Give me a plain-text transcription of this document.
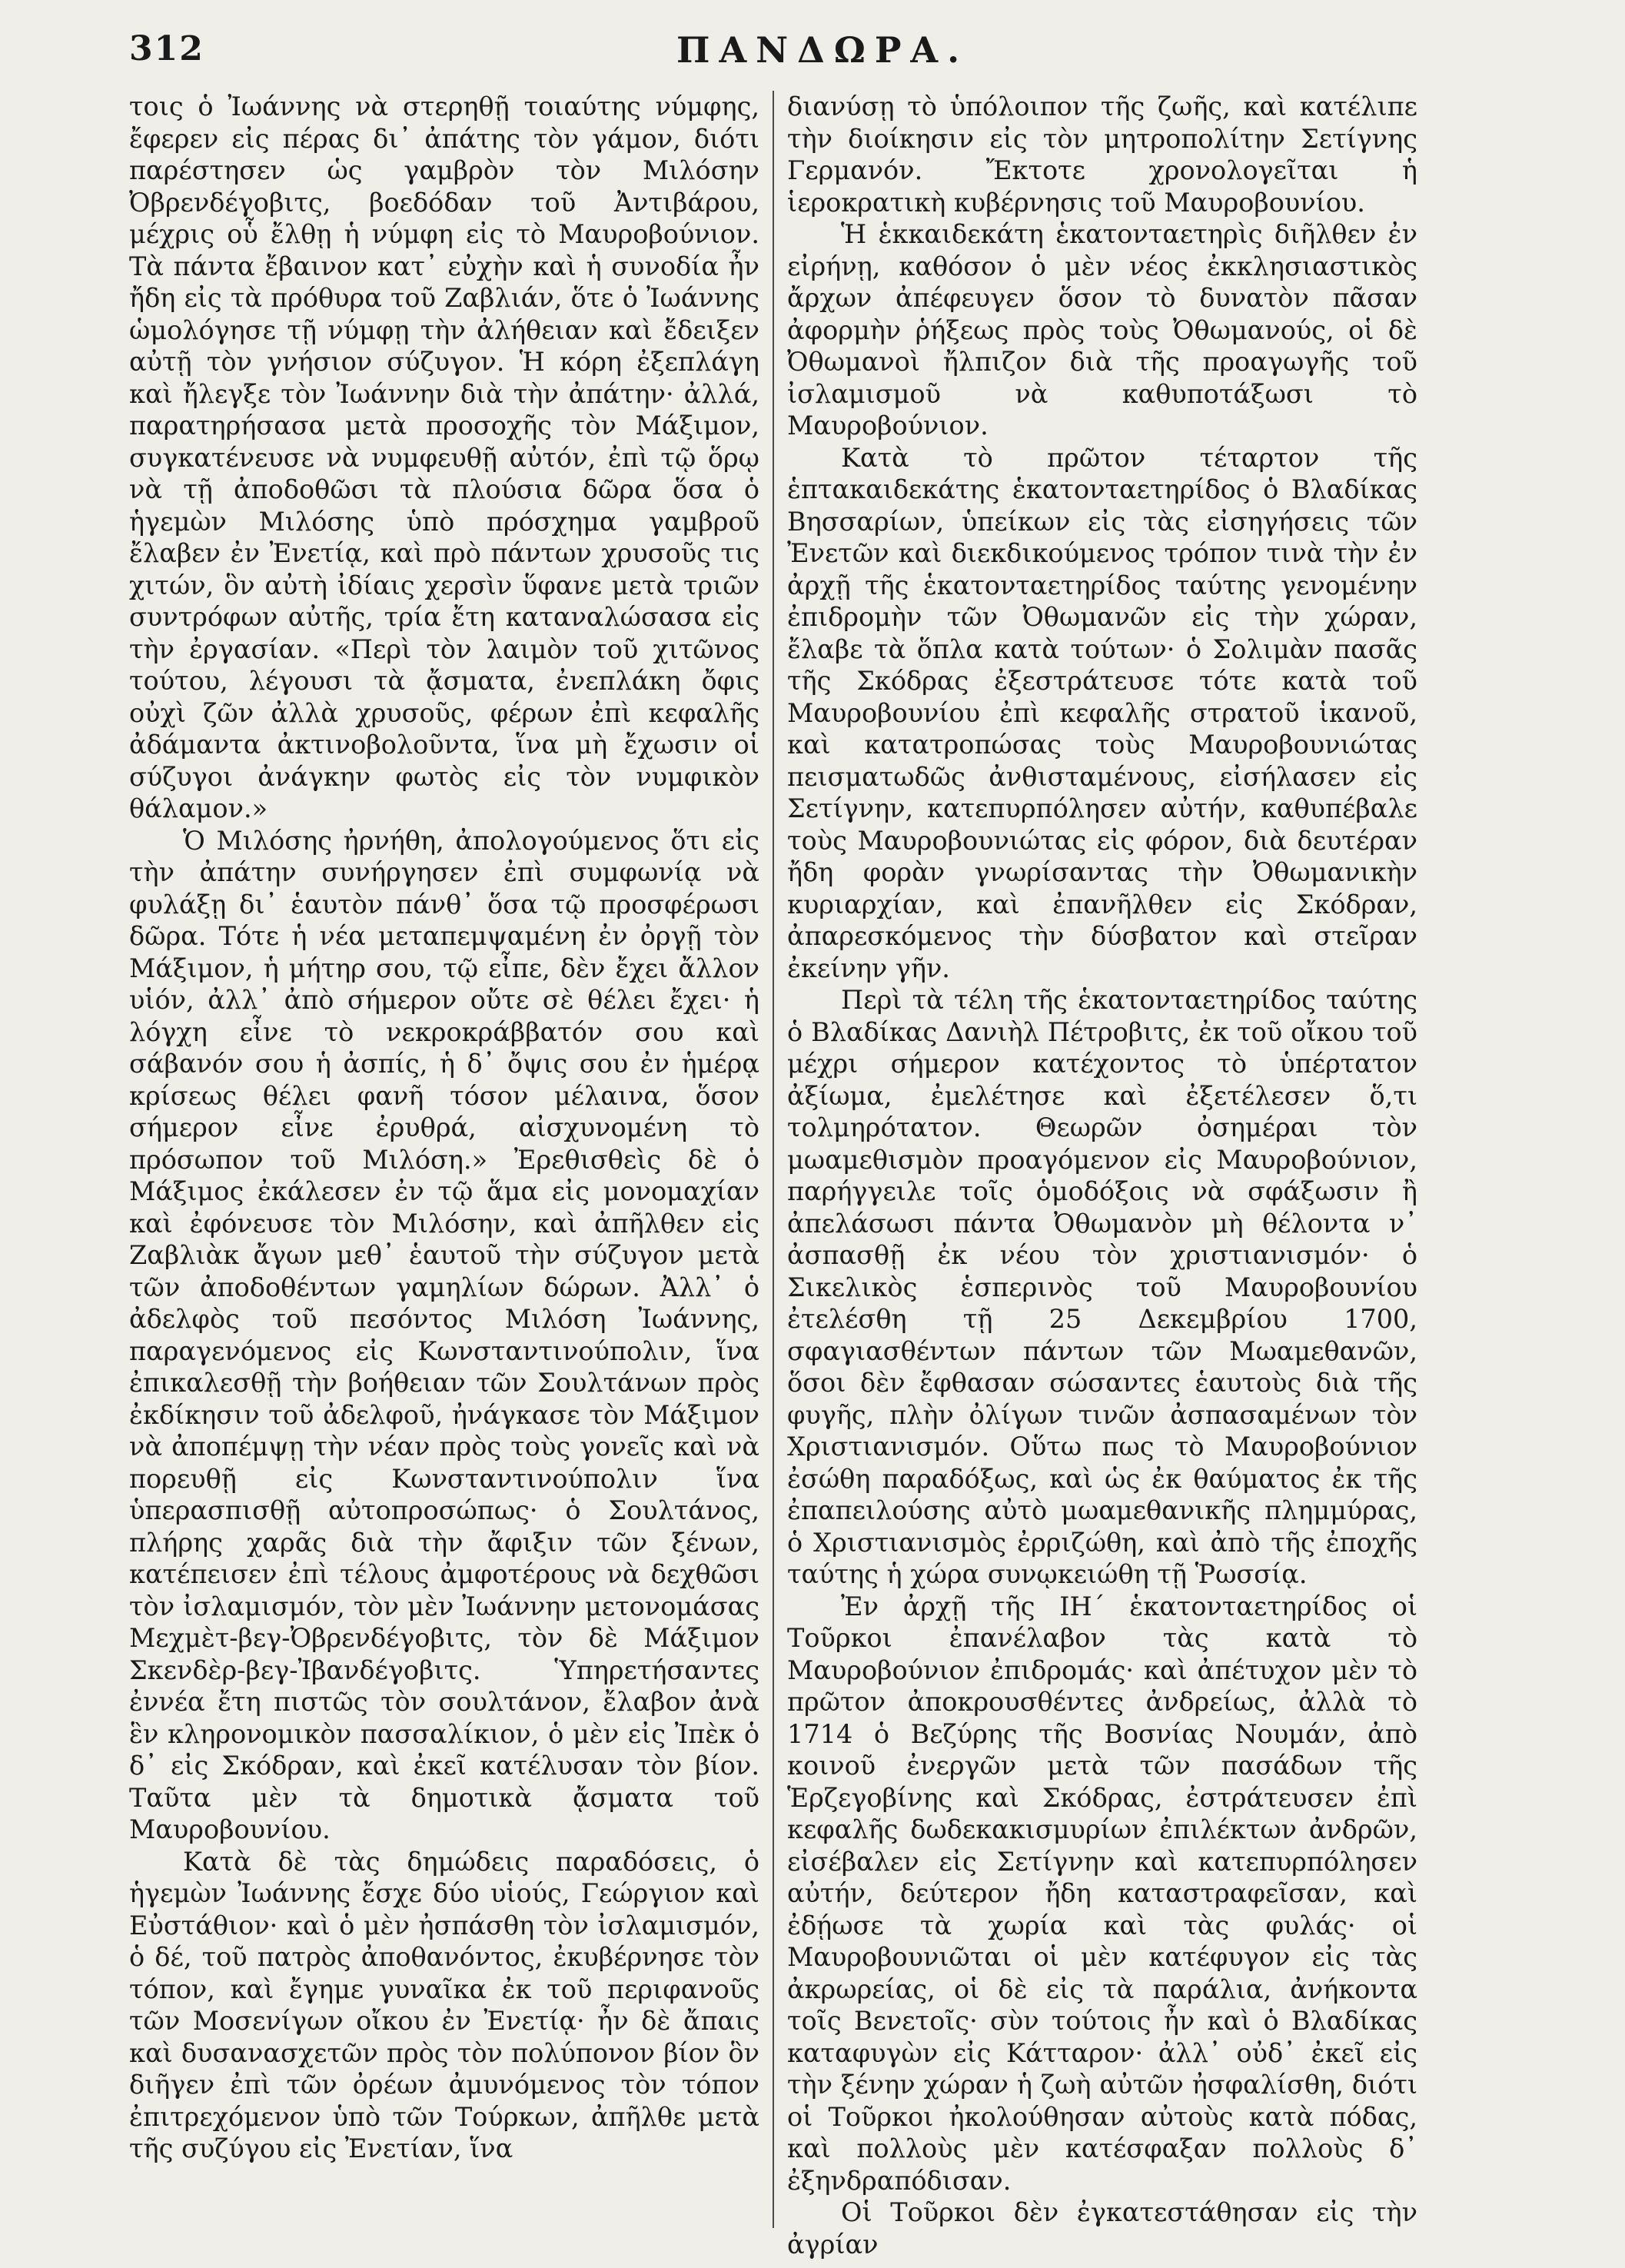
312	ΠΑΝΔΩΡΑ.

τοις ὁ Ἰωάννης νὰ στερηθῇ τοιαύτης νύμφης, ἔφερεν εἰς πέρας δι᾽ ἀπάτης τὸν γάμον, διότι παρέστησεν ὡς γαμβρὸν τὸν Μιλόσην Ὀβρενδέγοβιτς, βοεδόδαν τοῦ Ἀντιβάρου, μέχρις οὗ ἔλθῃ ἡ νύμφη εἰς τὸ Μαυροβούνιον. Τὰ πάντα ἔβαινον κατ᾽ εὐχὴν καὶ ἡ συνοδία ἦν ἤδη εἰς τὰ πρόθυρα τοῦ Ζαβλιάν, ὅτε ὁ Ἰωάννης ὡμολόγησε τῇ νύμφῃ τὴν ἀλήθειαν καὶ ἔδειξεν αὐτῇ τὸν γνήσιον σύζυγον. Ἡ κόρη ἐξεπλάγη καὶ ἤλεγξε τὸν Ἰωάννην διὰ τὴν ἀπάτην· ἀλλά, παρατηρήσασα μετὰ προσοχῆς τὸν Μάξιμον, συγκατένευσε νὰ νυμφευθῇ αὐτόν, ἐπὶ τῷ ὅρῳ νὰ τῇ ἀποδοθῶσι τὰ πλούσια δῶρα ὅσα ὁ ἡγεμὼν Μιλόσης ὑπὸ πρόσχημα γαμβροῦ ἔλαβεν ἐν Ἐνετίᾳ, καὶ πρὸ πάντων χρυσοῦς τις χιτών, ὃν αὐτὴ ἰδίαις χερσὶν ὕφανε μετὰ τριῶν συντρόφων αὐτῆς, τρία ἔτη καταναλώσασα εἰς τὴν ἐργασίαν. «Περὶ τὸν λαιμὸν τοῦ χιτῶνος τούτου, λέγουσι τὰ ᾄσματα, ἐνεπλάκη ὄφις οὐχὶ ζῶν ἀλλὰ χρυσοῦς, φέρων ἐπὶ κεφαλῆς ἀδάμαντα ἀκτινοβολοῦντα, ἵνα μὴ ἔχωσιν οἱ σύζυγοι ἀνάγκην φωτὸς εἰς τὸν νυμφικὸν θάλαμον.»

Ὁ Μιλόσης ἠρνήθη, ἀπολογούμενος ὅτι εἰς τὴν ἀπάτην συνήργησεν ἐπὶ συμφωνίᾳ νὰ φυλάξῃ δι᾽ ἑαυτὸν πάνθ᾽ ὅσα τῷ προσφέρωσι δῶρα. Τότε ἡ νέα μεταπεμψαμένη ἐν ὀργῇ τὸν Μάξιμον, ἡ μήτηρ σου, τῷ εἶπε, δὲν ἔχει ἄλλον υἱόν, ἀλλ᾽ ἀπὸ σήμερον οὔτε σὲ θέλει ἔχει· ἡ λόγχη εἶνε τὸ νεκροκράββατόν σου καὶ σάβανόν σου ἡ ἀσπίς, ἡ δ᾽ ὄψις σου ἐν ἡμέρᾳ κρίσεως θέλει φανῆ τόσον μέλαινα, ὅσον σήμερον εἶνε ἐρυθρά, αἰσχυνομένη τὸ πρόσωπον τοῦ Μιλόση.» Ἐρεθισθεὶς δὲ ὁ Μάξιμος ἐκάλεσεν ἐν τῷ ἅμα εἰς μονομαχίαν καὶ ἐφόνευσε τὸν Μιλόσην, καὶ ἀπῆλθεν εἰς Ζαβλιὰκ ἄγων μεθ᾽ ἑαυτοῦ τὴν σύζυγον μετὰ τῶν ἀποδοθέντων γαμηλίων δώρων. Ἀλλ᾽ ὁ ἀδελφὸς τοῦ πεσόντος Μιλόση Ἰωάννης, παραγενόμενος εἰς Κωνσταντινούπολιν, ἵνα ἐπικαλεσθῇ τὴν βοήθειαν τῶν Σουλτάνων πρὸς ἐκδίκησιν τοῦ ἀδελφοῦ, ἠνάγκασε τὸν Μάξιμον νὰ ἀποπέμψῃ τὴν νέαν πρὸς τοὺς γονεῖς καὶ νὰ πορευθῇ εἰς Κωνσταντινούπολιν ἵνα ὑπερασπισθῇ αὐτοπροσώπως· ὁ Σουλτάνος, πλήρης χαρᾶς διὰ τὴν ἄφιξιν τῶν ξένων, κατέπεισεν ἐπὶ τέλους ἀμφοτέρους νὰ δεχθῶσι τὸν ἰσλαμισμόν, τὸν μὲν Ἰωάννην μετονομάσας Μεχμὲτ-βεγ-Ὀβρενδέγοβιτς, τὸν δὲ Μάξιμον Σκενδὲρ-βεγ-Ἰβανδέγοβιτς. Ὑπηρετήσαντες ἐννέα ἔτη πιστῶς τὸν σουλτάνον, ἔλαβον ἀνὰ ἓν κληρονομικὸν πασσαλίκιον, ὁ μὲν εἰς Ἰπὲκ ὁ δ᾽ εἰς Σκόδραν, καὶ ἐκεῖ κατέλυσαν τὸν βίον. Ταῦτα μὲν τὰ δημοτικὰ ᾄσματα τοῦ Μαυροβουνίου.

Κατὰ δὲ τὰς δημώδεις παραδόσεις, ὁ ἡγεμὼν Ἰωάννης ἔσχε δύο υἱούς, Γεώργιον καὶ Εὐστάθιον· καὶ ὁ μὲν ἠσπάσθη τὸν ἰσλαμισμόν, ὁ δέ, τοῦ πατρὸς ἀποθανόντος, ἐκυβέρνησε τὸν τόπον, καὶ ἔγημε γυναῖκα ἐκ τοῦ περιφανοῦς τῶν Μοσενίγων οἴκου ἐν Ἐνετίᾳ· ἦν δὲ ἄπαις καὶ δυσανασχετῶν πρὸς τὸν πολύπονον βίον ὃν διῆγεν ἐπὶ τῶν ὀρέων ἀμυνόμενος τὸν τόπον ἐπιτρεχόμενον ὑπὸ τῶν Τούρκων, ἀπῆλθε μετὰ τῆς συζύγου εἰς Ἐνετίαν, ἵνα

διανύσῃ τὸ ὑπόλοιπον τῆς ζωῆς, καὶ κατέλιπε τὴν διοίκησιν εἰς τὸν μητροπολίτην Σετίγνης Γερμανόν. Ἔκτοτε χρονολογεῖται ἡ ἱεροκρατικὴ κυβέρνησις τοῦ Μαυροβουνίου.

Ἡ ἑκκαιδεκάτη ἑκατονταετηρὶς διῆλθεν ἐν εἰρήνῃ, καθόσον ὁ μὲν νέος ἐκκλησιαστικὸς ἄρχων ἀπέφευγεν ὅσον τὸ δυνατὸν πᾶσαν ἀφορμὴν ῥήξεως πρὸς τοὺς Ὀθωμανούς, οἱ δὲ Ὀθωμανοὶ ἤλπιζον διὰ τῆς προαγωγῆς τοῦ ἰσλαμισμοῦ νὰ καθυποτάξωσι τὸ Μαυροβούνιον.

Κατὰ τὸ πρῶτον τέταρτον τῆς ἑπτακαιδεκάτης ἑκατονταετηρίδος ὁ Βλαδίκας Βησσαρίων, ὑπείκων εἰς τὰς εἰσηγήσεις τῶν Ἐνετῶν καὶ διεκδικούμενος τρόπον τινὰ τὴν ἐν ἀρχῇ τῆς ἑκατονταετηρίδος ταύτης γενομένην ἐπιδρομὴν τῶν Ὀθωμανῶν εἰς τὴν χώραν, ἔλαβε τὰ ὅπλα κατὰ τούτων· ὁ Σολιμὰν πασᾶς τῆς Σκόδρας ἐξεστράτευσε τότε κατὰ τοῦ Μαυροβουνίου ἐπὶ κεφαλῆς στρατοῦ ἱκανοῦ, καὶ κατατροπώσας τοὺς Μαυροβουνιώτας πεισματωδῶς ἀνθισταμένους, εἰσήλασεν εἰς Σετίγνην, κατεπυρπόλησεν αὐτήν, καθυπέβαλε τοὺς Μαυροβουνιώτας εἰς φόρον, διὰ δευτέραν ἤδη φορὰν γνωρίσαντας τὴν Ὀθωμανικὴν κυριαρχίαν, καὶ ἐπανῆλθεν εἰς Σκόδραν, ἀπαρεσκόμενος τὴν δύσβατον καὶ στεῖραν ἐκείνην γῆν.

Περὶ τὰ τέλη τῆς ἑκατονταετηρίδος ταύτης ὁ Βλαδίκας Δανιὴλ Πέτροβιτς, ἐκ τοῦ οἴκου τοῦ μέχρι σήμερον κατέχοντος τὸ ὑπέρτατον ἀξίωμα, ἐμελέτησε καὶ ἐξετέλεσεν ὅ,τι τολμηρότατον. Θεωρῶν ὀσημέραι τὸν μωαμεθισμὸν προαγόμενον εἰς Μαυροβούνιον, παρήγγειλε τοῖς ὁμοδόξοις νὰ σφάξωσιν ἢ ἀπελάσωσι πάντα Ὀθωμανὸν μὴ θέλοντα ν᾽ ἀσπασθῇ ἐκ νέου τὸν χριστιανισμόν· ὁ Σικελικὸς ἑσπερινὸς τοῦ Μαυροβουνίου ἐτελέσθη τῇ 25 Δεκεμβρίου 1700, σφαγιασθέντων πάντων τῶν Μωαμεθανῶν, ὅσοι δὲν ἔφθασαν σώσαντες ἑαυτοὺς διὰ τῆς φυγῆς, πλὴν ὀλίγων τινῶν ἀσπασαμένων τὸν Χριστιανισμόν. Οὕτω πως τὸ Μαυροβούνιον ἐσώθη παραδόξως, καὶ ὡς ἐκ θαύματος ἐκ τῆς ἐπαπειλούσης αὐτὸ μωαμεθανικῆς πλημμύρας, ὁ Χριστιανισμὸς ἐρριζώθη, καὶ ἀπὸ τῆς ἐποχῆς ταύτης ἡ χώρα συνῳκειώθη τῇ Ῥωσσίᾳ.

Ἐν ἀρχῇ τῆς ΙΗ΄ ἑκατονταετηρίδος οἱ Τοῦρκοι ἐπανέλαβον τὰς κατὰ τὸ Μαυροβούνιον ἐπιδρομάς· καὶ ἀπέτυχον μὲν τὸ πρῶτον ἀποκρουσθέντες ἀνδρείως, ἀλλὰ τὸ 1714 ὁ Βεζύρης τῆς Βοσνίας Νουμάν, ἀπὸ κοινοῦ ἐνεργῶν μετὰ τῶν πασάδων τῆς Ἑρζεγοβίνης καὶ Σκόδρας, ἐστράτευσεν ἐπὶ κεφαλῆς δωδεκακισμυρίων ἐπιλέκτων ἀνδρῶν, εἰσέβαλεν εἰς Σετίγνην καὶ κατεπυρπόλησεν αὐτήν, δεύτερον ἤδη καταστραφεῖσαν, καὶ ἐδῄωσε τὰ χωρία καὶ τὰς φυλάς· οἱ Μαυροβουνιῶται οἱ μὲν κατέφυγον εἰς τὰς ἀκρωρείας, οἱ δὲ εἰς τὰ παράλια, ἀνήκοντα τοῖς Βενετοῖς· σὺν τούτοις ἦν καὶ ὁ Βλαδίκας καταφυγὼν εἰς Κάτταρον· ἀλλ᾽ οὐδ᾽ ἐκεῖ εἰς τὴν ξένην χώραν ἡ ζωὴ αὐτῶν ἠσφαλίσθη, διότι οἱ Τοῦρκοι ἠκολούθησαν αὐτοὺς κατὰ πόδας, καὶ πολλοὺς μὲν κατέσφαξαν πολλοὺς δ᾽ ἐξηνδραπόδισαν.

Οἱ Τοῦρκοι δὲν ἐγκατεστάθησαν εἰς τὴν ἀγρίαν
